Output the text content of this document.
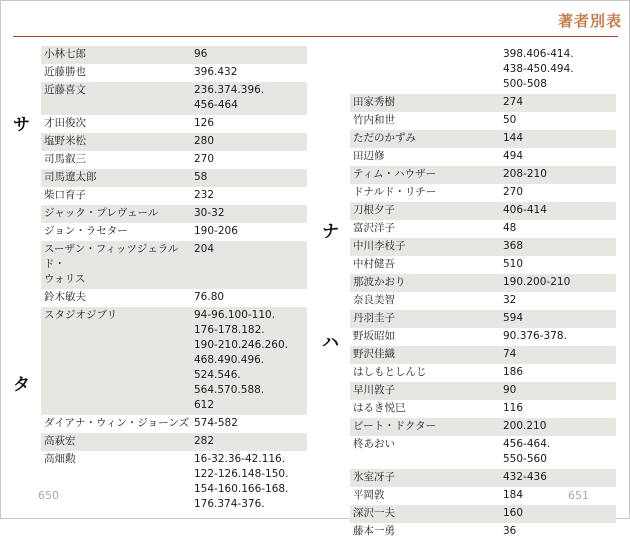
著者別表
サ
タ
ナ
ハ
小林七郎	96
近藤勝也	396.432
近藤喜文	236.374.396.
456-464
才田俊次	126
塩野米松	280
司馬叡三	270
司馬遼太郎	58
柴口育子	232
ジャック・プレヴェール	30-32
ジョン・ラセター	190-206
スーザン・フィッツジェラルド・
ウォリス
204
鈴木敏夫	76.80
スタジオジブリ	94-96.100-110.
176-178.182.
190-210.246.260.
468.490.496.
524.546.
564.570.588.
612
ダイアナ・ウィン・ジョーンズ 574-582
高萩宏	282
高畑勲	16-32.36-42.116.
122-126.148-150.
154-160.166-168.
176.374-376.
398.406-414.
438-450.494.
500-508
田家秀樹	274
竹内和世	50
ただのかずみ	144
田辺修	494
ティム・ハウザー	208-210
ドナルド・リチー	270
刀根夕子	406-414
富沢洋子	48
中川李枝子	368
中村健吾	510
那波かおり	190.200-210
奈良美智	32
丹羽圭子	594
野坂昭如	90.376-378.
野沢佳織	74
はしもとしんじ	186
早川敦子	90
はるき悦巳	116
ピート・ドクター	200.210
柊あおい	456-464.
550-560
氷室冴子	432-436
平岡敦	184
深沢一夫	160
藤本一勇	36
650	651
